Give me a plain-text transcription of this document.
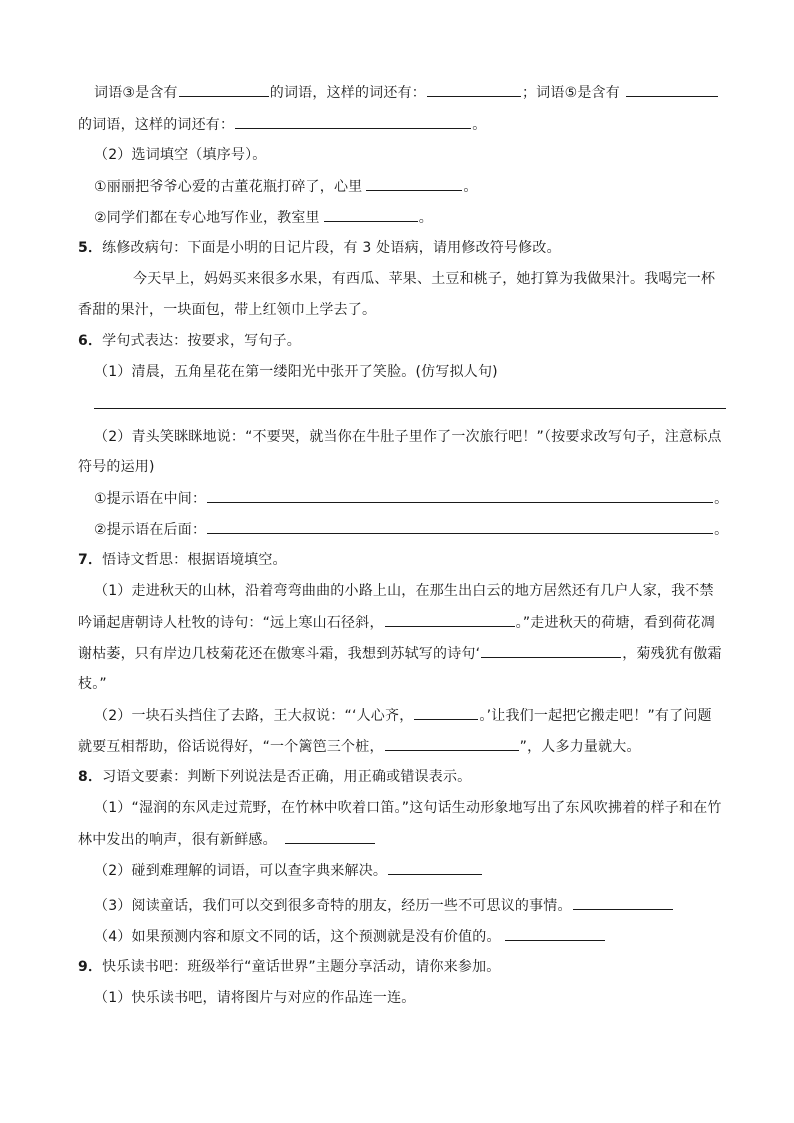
词语③是含有	的词语，这样的词还有：	；词语⑤是含有
的词语，这样的词还有：	。
（2）选词填空（填序号）。
①丽丽把爷爷心爱的古董花瓶打碎了，心里	。
②同学们都在专心地写作业，教室里	。
5．练修改病句：下面是小明的日记片段，有 3 处语病，请用修改符号修改。
今天早上，妈妈买来很多水果，有西瓜、苹果、土豆和桃子，她打算为我做果汁。我喝完一杯
香甜的果汁，一块面包，带上红领巾上学去了。
6．学句式表达：按要求，写句子。
（1）清晨，五角星花在第一缕阳光中张开了笑脸。(仿写拟人句)
（2）青头笑眯眯地说：“不要哭，就当你在牛肚子里作了一次旅行吧！”（按要求改写句子，注意标点
符号的运用)
①提示语在中间：	。
②提示语在后面：	。
7．悟诗文哲思：根据语境填空。
（1）走进秋天的山林，沿着弯弯曲曲的小路上山，在那生出白云的地方居然还有几户人家，我不禁
吟诵起唐朝诗人杜牧的诗句：“远上寒山石径斜，	。”走进秋天的荷塘，看到荷花凋
谢枯萎，只有岸边几枝菊花还在傲寒斗霜，我想到苏轼写的诗句‘	，菊残犹有傲霜
枝。”
（2）一块石头挡住了去路，王大叔说：“‘人心齐，	。’让我们一起把它搬走吧！”有了问题
就要互相帮助，俗话说得好，“一个篱笆三个桩，	”，人多力量就大。
8．习语文要素：判断下列说法是否正确，用正确或错误表示。
（1）“湿润的东风走过荒野，在竹林中吹着口笛。”这句话生动形象地写出了东风吹拂着的样子和在竹
林中发出的响声，很有新鲜感。
（2）碰到难理解的词语，可以查字典来解决。
（3）阅读童话，我们可以交到很多奇特的朋友，经历一些不可思议的事情。
（4）如果预测内容和原文不同的话，这个预测就是没有价值的。
9．快乐读书吧：班级举行“童话世界”主题分享活动，请你来参加。
（1）快乐读书吧，请将图片与对应的作品连一连。
